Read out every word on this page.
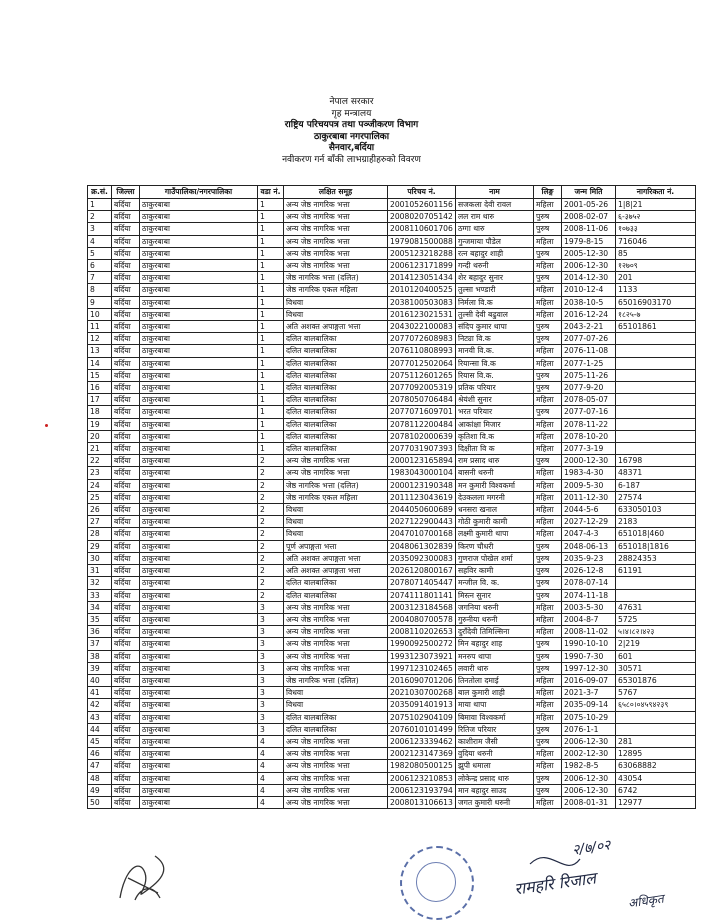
नेपाल सरकार
गृह मन्त्रालय
राष्ट्रिय परिचयपत्र तथा पञ्जीकरण विभाग
ठाकुरबाबा नगरपालिका
सैनवार,बर्दिया
नवीकरण गर्न बाँकी लाभग्राहीहरुको विवरण
क्र.सं.	जिल्ला	गाउँपालिका/नगरपालिका	वडा नं.	लक्षित समूह	परिचय नं.	नाम	लिङ्ग	जन्म मिति	नागरिकता नं.
1	बर्दिया	ठाकुरबाबा	1	अन्य जेष्ठ नागरिक भत्ता	2001052601156	सजकला देवी रावल	महिला	2001-05-26	1|8|21
2	बर्दिया	ठाकुरबाबा	1	अन्य जेष्ठ नागरिक भत्ता	2008020705142	लल राम थारु	पुरुष	2008-02-07	६-३७५२
3	बर्दिया	ठाकुरबाबा	1	अन्य जेष्ठ नागरिक भत्ता	2008110601706	ठग्गा थारु	पुरुष	2008-11-06	१०७३३
4	बर्दिया	ठाकुरबाबा	1	अन्य जेष्ठ नागरिक भत्ता	1979081500088	गुन्जमाया पौडेल	महिला	1979-8-15	716046
5	बर्दिया	ठाकुरबाबा	1	अन्य जेष्ठ नागरिक भत्ता	2005123218288	रत्न बहादुर शाही	पुरुष	2005-12-30	85
6	बर्दिया	ठाकुरबाबा	1	अन्य जेष्ठ नागरिक भत्ता	2006123171899	गन्दी थरुनी	महिला	2006-12-30	१२७०९
7	बर्दिया	ठाकुरबाबा	1	जेष्ठ नागरिक भत्ता (दलित)	2014123051434	शेर बहादुर सुनार	पुरुष	2014-12-30	201
8	बर्दिया	ठाकुरबाबा	1	जेष्ठ नागरिक एकल महिला	2010120400525	तुल्सा भण्डारी	महिला	2010-12-4	1133
9	बर्दिया	ठाकुरबाबा	1	विधवा	2038100503083	निर्मला वि.क	महिला	2038-10-5	65016903170
10	बर्दिया	ठाकुरबाबा	1	विधवा	2016123021531	तुल्सी देवी बढुवाल	महिला	2016-12-24	१८२५-७
11	बर्दिया	ठाकुरबाबा	1	अति अशक्त अपाङ्गता भत्ता	2043022100083	संदिप कुमार थापा	पुरुष	2043-2-21	65101861
12	बर्दिया	ठाकुरबाबा	1	दलित बालबालिका	2077072608983	निट्या वि.क	पुरुष	2077-07-26	
13	बर्दिया	ठाकुरबाबा	1	दलित बालबालिका	2076110808993	मानवी वि.क.	महिला	2076-11-08	
14	बर्दिया	ठाकुरबाबा	1	दलित बालबालिका	2077012502064	रियान्सा वि.क	महिला	2077-1-25	
15	बर्दिया	ठाकुरबाबा	1	दलित बालबालिका	2075112601265	रियास वि.क.	पुरुष	2075-11-26	
16	बर्दिया	ठाकुरबाबा	1	दलित बालबालिका	2077092005319	प्रतिक परियार	पुरुष	2077-9-20	
17	बर्दिया	ठाकुरबाबा	1	दलित बालबालिका	2078050706484	श्रेयंशी सुनार	महिला	2078-05-07	
18	बर्दिया	ठाकुरबाबा	1	दलित बालबालिका	2077071609701	भरत परियार	पुरुष	2077-07-16	
19	बर्दिया	ठाकुरबाबा	1	दलित बालबालिका	2078112200484	आकांक्षा मिजार	महिला	2078-11-22	
20	बर्दिया	ठाकुरबाबा	1	दलित बालबालिका	2078102000639	कृतिशा वि.क	महिला	2078-10-20	
21	बर्दिया	ठाकुरबाबा	1	दलित बालबालिका	2077031907393	दिक्षीता वि क	महिला	2077-3-19	
22	बर्दिया	ठाकुरबाबा	2	अन्य जेष्ठ नागरिक भत्ता	2000123165894	राम प्रसाद थारु	पुरुष	2000-12-30	16798
23	बर्दिया	ठाकुरबाबा	2	अन्य जेष्ठ नागरिक भत्ता	1983043000104	बासनी थरुनी	महिला	1983-4-30	48371
24	बर्दिया	ठाकुरबाबा	2	जेष्ठ नागरिक भत्ता (दलित)	2000123190348	मन कुमारी विश्वकर्मा	महिला	2009-5-30	6-187
25	बर्दिया	ठाकुरबाबा	2	जेष्ठ नागरिक एकल महिला	2011123043619	देउकलला मगरनी	महिला	2011-12-30	27574
26	बर्दिया	ठाकुरबाबा	2	विधवा	2044050600689	धनसरा खनाल	महिला	2044-5-6	633050103
27	बर्दिया	ठाकुरबाबा	2	विधवा	2027122900443	गोठी कुमारी कामी	महिला	2027-12-29	2183
28	बर्दिया	ठाकुरबाबा	2	विधवा	2047010700168	लक्ष्मी कुमारी थापा	महिला	2047-4-3	651018|460
29	बर्दिया	ठाकुरबाबा	2	पूर्ण अपाङ्गता भत्ता	2048061302839	किरण चौधरी	पुरुष	2048-06-13	651018|1816
30	बर्दिया	ठाकुरबाबा	2	अति अशक्त अपाङ्गता भत्ता	2035092300083	गुणराज पोखेल शर्मा	पुरुष	2035-9-23	28824353
31	बर्दिया	ठाकुरबाबा	2	अति अशक्त अपाङ्गता भत्ता	2026120800167	सहविर कामी	पुरुष	2026-12-8	61191
32	बर्दिया	ठाकुरबाबा	2	दलित बालबालिका	2078071405447	मन्जील वि. क.	पुरुष	2078-07-14	
33	बर्दिया	ठाकुरबाबा	2	दलित बालबालिका	2074111801141	मिस्त्न सुनार	पुरुष	2074-11-18	
34	बर्दिया	ठाकुरबाबा	3	अन्य जेष्ठ नागरिक भत्ता	2003123184568	जगनिया थरुनी	महिला	2003-5-30	47631
35	बर्दिया	ठाकुरबाबा	3	अन्य जेष्ठ नागरिक भत्ता	2004080700578	गुरुनीया थरुनी	महिला	2004-8-7	5725
36	बर्दिया	ठाकुरबाबा	3	अन्य जेष्ठ नागरिक भत्ता	2008110202653	दुराँदेवी तिमिल्सिना	महिला	2008-11-02	५।४।८२।४२३
37	बर्दिया	ठाकुरबाबा	3	अन्य जेष्ठ नागरिक भत्ता	1990092500272	मिन बहादुर शाह	पुरुष	1990-10-10	2|219
38	बर्दिया	ठाकुरबाबा	3	अन्य जेष्ठ नागरिक भत्ता	1993123073921	मनरुप थापा	पुरुष	1990-7-30	601
39	बर्दिया	ठाकुरबाबा	3	अन्य जेष्ठ नागरिक भत्ता	1997123102465	लवारी थारु	पुरुष	1997-12-30	30571
40	बर्दिया	ठाकुरबाबा	3	जेष्ठ नागरिक भत्ता (दलित)	2016090701206	तिनतोला दमाई	महिला	2016-09-07	65301876
41	बर्दिया	ठाकुरबाबा	3	विधवा	2021030700268	बाल कुमारी शाही	महिला	2021-3-7	5767
42	बर्दिया	ठाकुरबाबा	3	विधवा	2035091401913	माया थापा	महिला	2035-09-14	६५८०।०४५९४२३९
43	बर्दिया	ठाकुरबाबा	3	दलित बालबालिका	2075102904109	बिमावा विश्वकर्मा	महिला	2075-10-29	
44	बर्दिया	ठाकुरबाबा	3	दलित बालबालिका	2076010101499	रितिज परियार	पुरुष	2076-1-1	
45	बर्दिया	ठाकुरबाबा	4	अन्य जेष्ठ नागरिक भत्ता	2006123339462	काशीराम जैसी	पुरुष	2006-12-30	281
46	बर्दिया	ठाकुरबाबा	4	अन्य जेष्ठ नागरिक भत्ता	2002123147369	वुदिया थरुनी	महिला	2002-12-30	12895
47	बर्दिया	ठाकुरबाबा	4	अन्य जेष्ठ नागरिक भत्ता	1982080500125	झुपी धमाला	महिला	1982-8-5	63068882
48	बर्दिया	ठाकुरबाबा	4	अन्य जेष्ठ नागरिक भत्ता	2006123210853	लोकेन्द्र प्रसाद थारु	पुरुष	2006-12-30	43054
49	बर्दिया	ठाकुरबाबा	4	अन्य जेष्ठ नागरिक भत्ता	2006123193794	मान बहादुर साउद	पुरुष	2006-12-30	6742
50	बर्दिया	ठाकुरबाबा	4	अन्य जेष्ठ नागरिक भत्ता	2008013106613	जगत कुमारी थरुनी	महिला	2008-01-31	12977
२/७/०२
रामहरि रिजाल
अधिकृत
